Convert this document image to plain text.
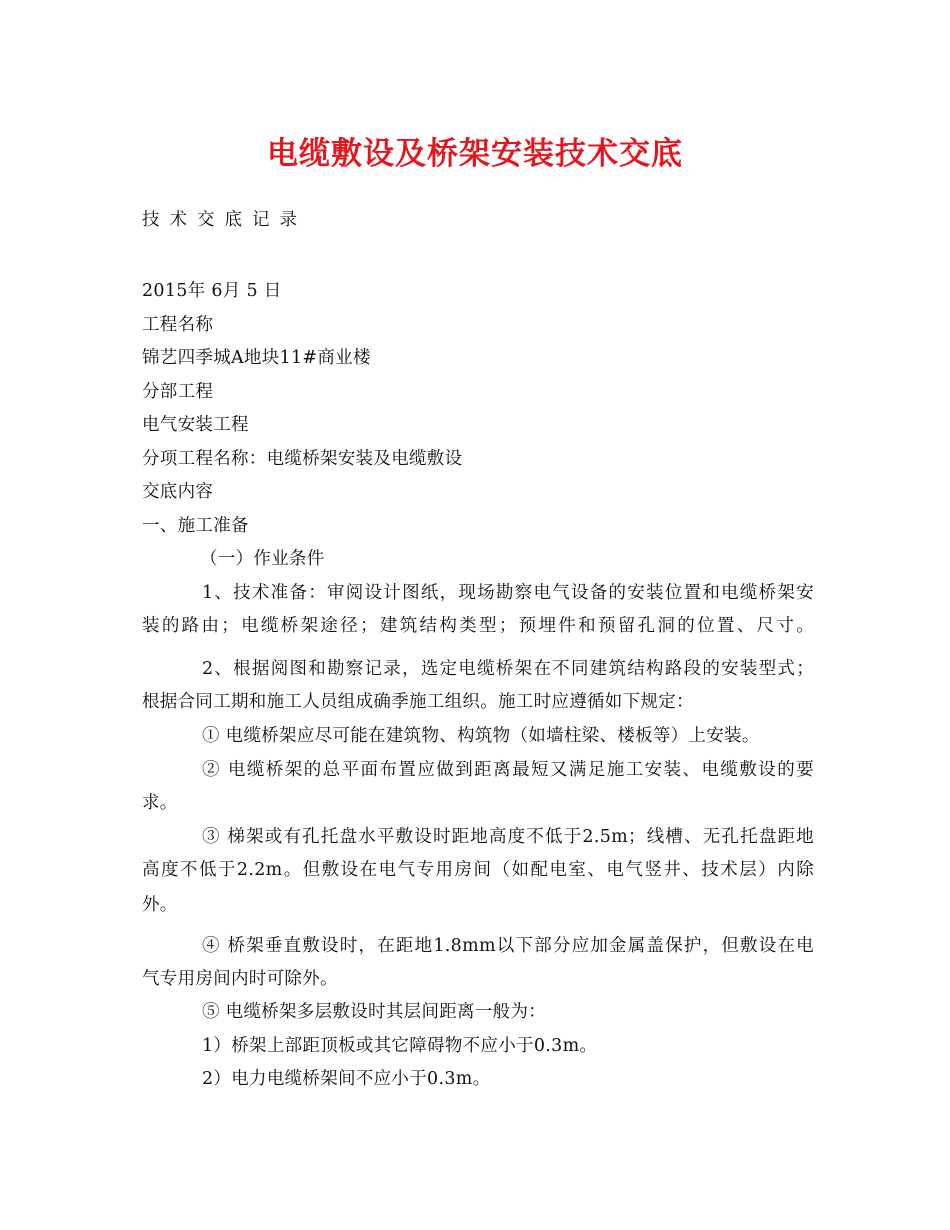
电缆敷设及桥架安装技术交底
技术交底记录
2015年 6月 5 日
工程名称
锦艺四季城A地块11#商业楼
分部工程
电气安装工程
分项工程名称：电缆桥架安装及电缆敷设
交底内容
一、施工准备
（一）作业条件
1、技术准备：审阅设计图纸，现场勘察电气设备的安装位置和电缆桥架安
装的路由；电缆桥架途径；建筑结构类型；预埋件和预留孔洞的位置、尺寸。
2、根据阅图和勘察记录，选定电缆桥架在不同建筑结构路段的安装型式；
根据合同工期和施工人员组成确季施工组织。施工时应遵循如下规定：
① 电缆桥架应尽可能在建筑物、构筑物（如墙柱梁、楼板等）上安装。
② 电缆桥架的总平面布置应做到距离最短又满足施工安装、电缆敷设的要
求。
③ 梯架或有孔托盘水平敷设时距地高度不低于2.5m；线槽、无孔托盘距地
高度不低于2.2m。但敷设在电气专用房间（如配电室、电气竖井、技术层）内除
外。
④ 桥架垂直敷设时，在距地1.8mm以下部分应加金属盖保护，但敷设在电
气专用房间内时可除外。
⑤ 电缆桥架多层敷设时其层间距离一般为：
1）桥架上部距顶板或其它障碍物不应小于0.3m。
2）电力电缆桥架间不应小于0.3m。
